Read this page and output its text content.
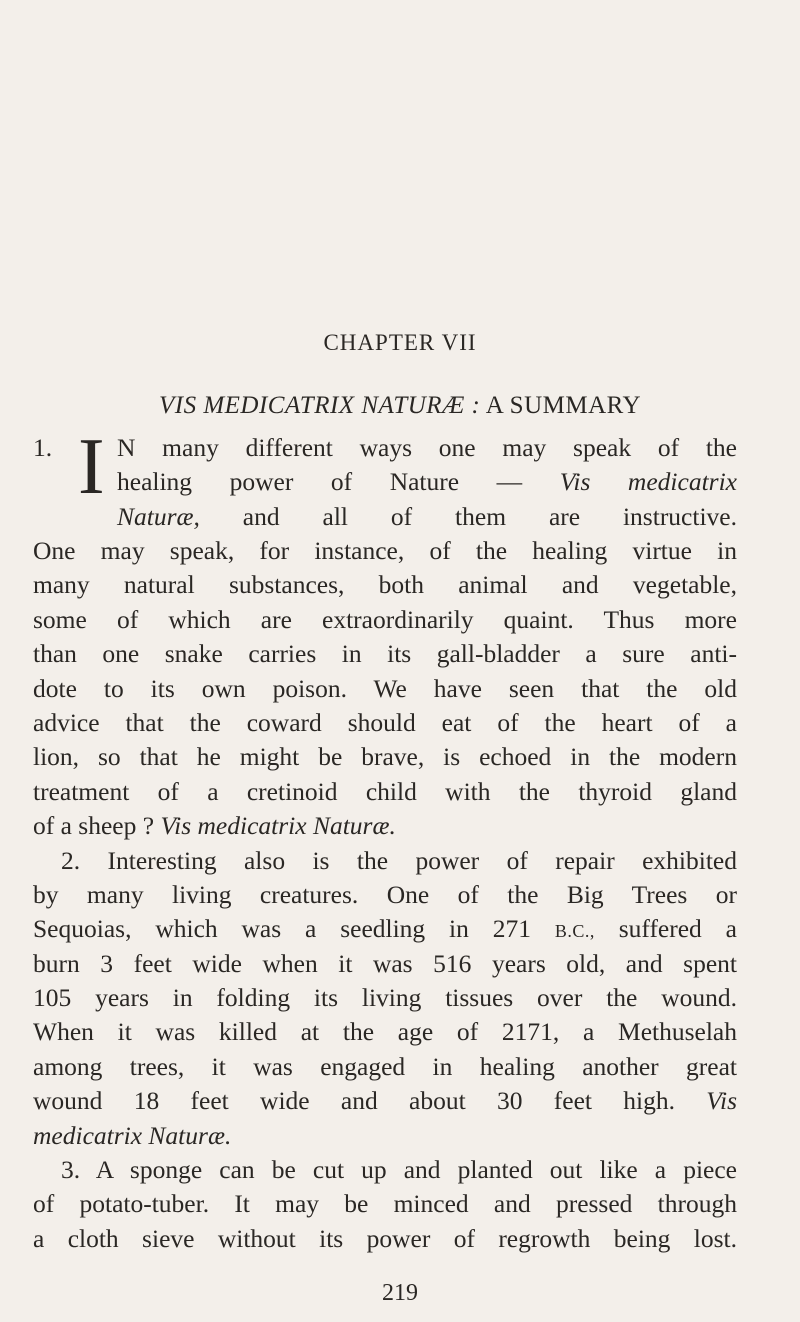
CHAPTER VII
VIS MEDICATRIX NATURÆ : A SUMMARY
1. I N many different ways one may speak of the
healing power of Nature — Vis medicatrix
Naturæ, and all of them are instructive.
One may speak, for instance, of the healing virtue in
many natural substances, both animal and vegetable,
some of which are extraordinarily quaint. Thus more
than one snake carries in its gall-bladder a sure anti-
dote to its own poison. We have seen that the old
advice that the coward should eat of the heart of a
lion, so that he might be brave, is echoed in the modern
treatment of a cretinoid child with the thyroid gland
of a sheep ? Vis medicatrix Naturæ.
2. Interesting also is the power of repair exhibited
by many living creatures. One of the Big Trees or
Sequoias, which was a seedling in 271 B.C., suffered a
burn 3 feet wide when it was 516 years old, and spent
105 years in folding its living tissues over the wound.
When it was killed at the age of 2171, a Methuselah
among trees, it was engaged in healing another great
wound 18 feet wide and about 30 feet high. Vis
medicatrix Naturæ.
3. A sponge can be cut up and planted out like a piece
of potato-tuber. It may be minced and pressed through
a cloth sieve without its power of regrowth being lost.
219
